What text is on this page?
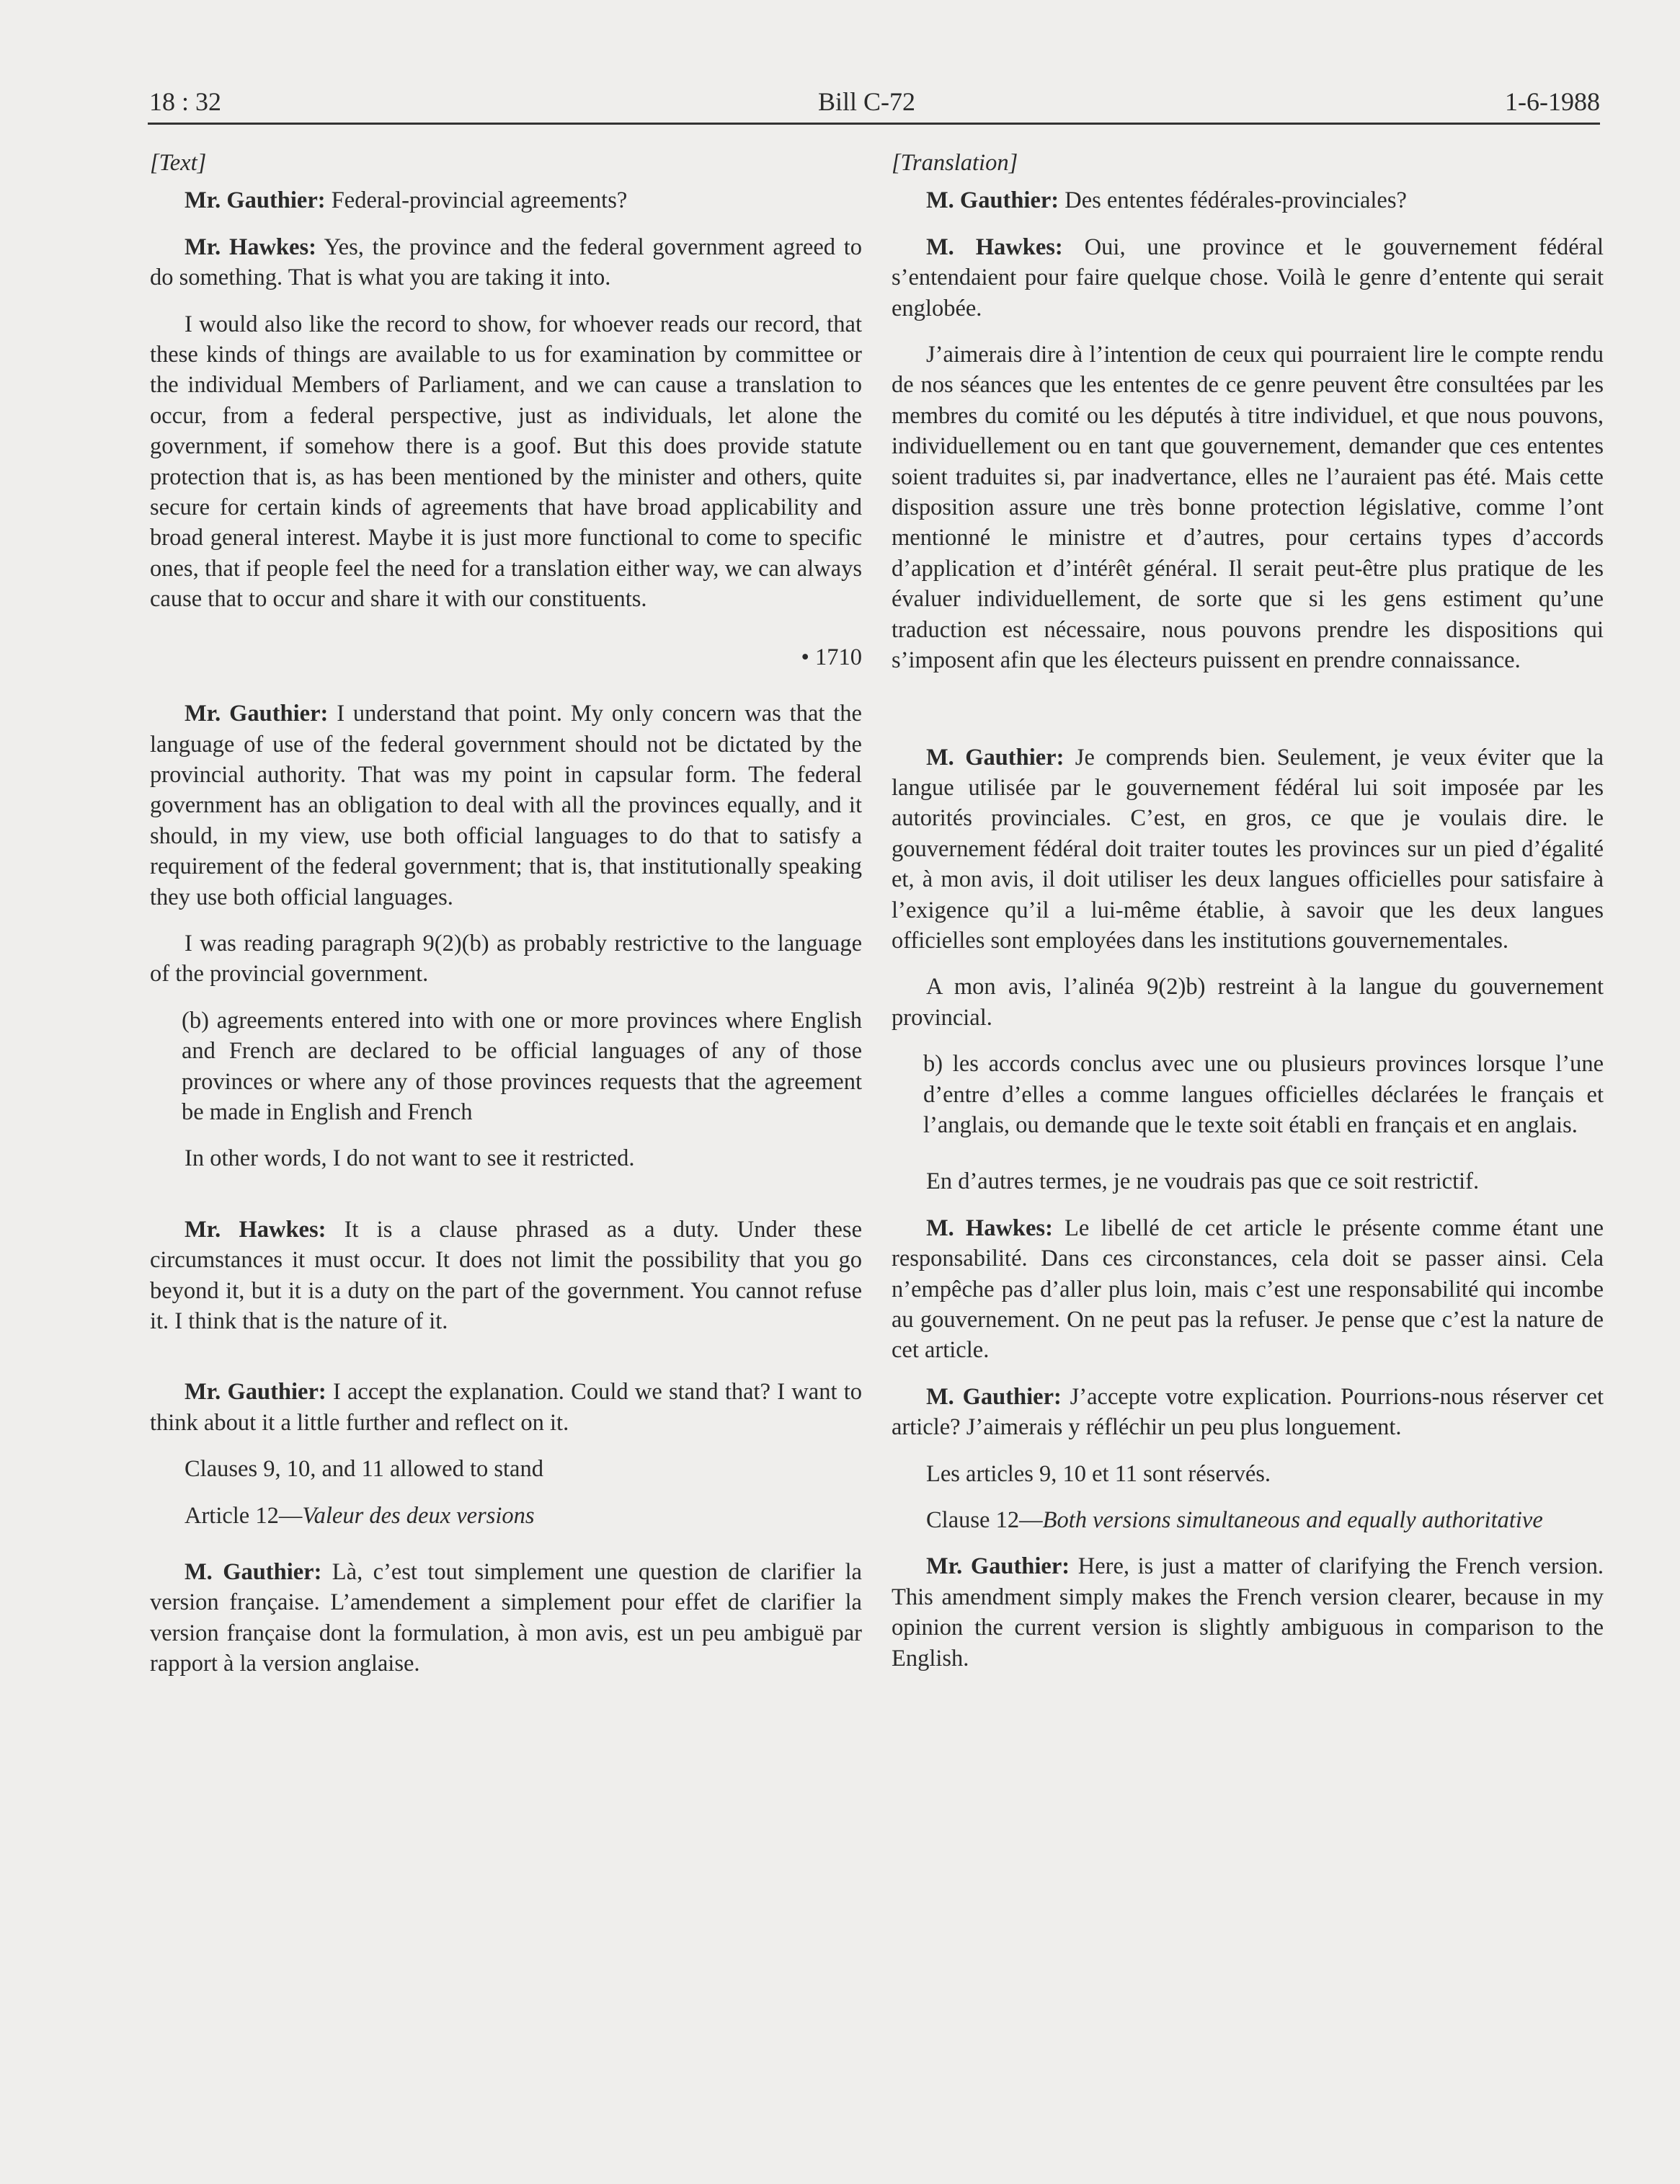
18 : 32	Bill C-72	1-6-1988

[Text]

Mr. Gauthier: Federal-provincial agreements?

Mr. Hawkes: Yes, the province and the federal government agreed to do something. That is what you are taking it into.

I would also like the record to show, for whoever reads our record, that these kinds of things are available to us for examination by committee or the individual Members of Parliament, and we can cause a translation to occur, from a federal perspective, just as individuals, let alone the government, if somehow there is a goof. But this does provide statute protection that is, as has been mentioned by the minister and others, quite secure for certain kinds of agreements that have broad applicability and broad general interest. Maybe it is just more functional to come to specific ones, that if people feel the need for a translation either way, we can always cause that to occur and share it with our constituents.

• 1710

Mr. Gauthier: I understand that point. My only concern was that the language of use of the federal government should not be dictated by the provincial authority. That was my point in capsular form. The federal government has an obligation to deal with all the provinces equally, and it should, in my view, use both official languages to do that to satisfy a requirement of the federal government; that is, that institutionally speaking they use both official languages.

I was reading paragraph 9(2)(b) as probably restrictive to the language of the provincial government.

(b) agreements entered into with one or more provinces where English and French are declared to be official languages of any of those provinces or where any of those provinces requests that the agreement be made in English and French

In other words, I do not want to see it restricted.

Mr. Hawkes: It is a clause phrased as a duty. Under these circumstances it must occur. It does not limit the possibility that you go beyond it, but it is a duty on the part of the government. You cannot refuse it. I think that is the nature of it.

Mr. Gauthier: I accept the explanation. Could we stand that? I want to think about it a little further and reflect on it.

Clauses 9, 10, and 11 allowed to stand

Article 12—Valeur des deux versions

M. Gauthier: Là, c’est tout simplement une question de clarifier la version française. L’amendement a simplement pour effet de clarifier la version française dont la formulation, à mon avis, est un peu ambiguë par rapport à la version anglaise.

[Translation]

M. Gauthier: Des ententes fédérales-provinciales?

M. Hawkes: Oui, une province et le gouvernement fédéral s’entendaient pour faire quelque chose. Voilà le genre d’entente qui serait englobée.

J’aimerais dire à l’intention de ceux qui pourraient lire le compte rendu de nos séances que les ententes de ce genre peuvent être consultées par les membres du comité ou les députés à titre individuel, et que nous pouvons, individuellement ou en tant que gouvernement, demander que ces ententes soient traduites si, par inadvertance, elles ne l’auraient pas été. Mais cette disposition assure une très bonne protection législative, comme l’ont mentionné le ministre et d’autres, pour certains types d’accords d’application et d’intérêt général. Il serait peut-être plus pratique de les évaluer individuellement, de sorte que si les gens estiment qu’une traduction est nécessaire, nous pouvons prendre les dispositions qui s’imposent afin que les électeurs puissent en prendre connaissance.

M. Gauthier: Je comprends bien. Seulement, je veux éviter que la langue utilisée par le gouvernement fédéral lui soit imposée par les autorités provinciales. C’est, en gros, ce que je voulais dire. le gouvernement fédéral doit traiter toutes les provinces sur un pied d’égalité et, à mon avis, il doit utiliser les deux langues officielles pour satisfaire à l’exigence qu’il a lui-même établie, à savoir que les deux langues officielles sont employées dans les institutions gouvernementales.

A mon avis, l’alinéa 9(2)b) restreint à la langue du gouvernement provincial.

b) les accords conclus avec une ou plusieurs provinces lorsque l’une d’entre d’elles a comme langues officielles déclarées le français et l’anglais, ou demande que le texte soit établi en français et en anglais.

En d’autres termes, je ne voudrais pas que ce soit restrictif.

M. Hawkes: Le libellé de cet article le présente comme étant une responsabilité. Dans ces circonstances, cela doit se passer ainsi. Cela n’empêche pas d’aller plus loin, mais c’est une responsabilité qui incombe au gouvernement. On ne peut pas la refuser. Je pense que c’est la nature de cet article.

M. Gauthier: J’accepte votre explication. Pourrions-nous réserver cet article? J’aimerais y réfléchir un peu plus longuement.

Les articles 9, 10 et 11 sont réservés.

Clause 12—Both versions simultaneous and equally authoritative

Mr. Gauthier: Here, is just a matter of clarifying the French version. This amendment simply makes the French version clearer, because in my opinion the current version is slightly ambiguous in comparison to the English.
